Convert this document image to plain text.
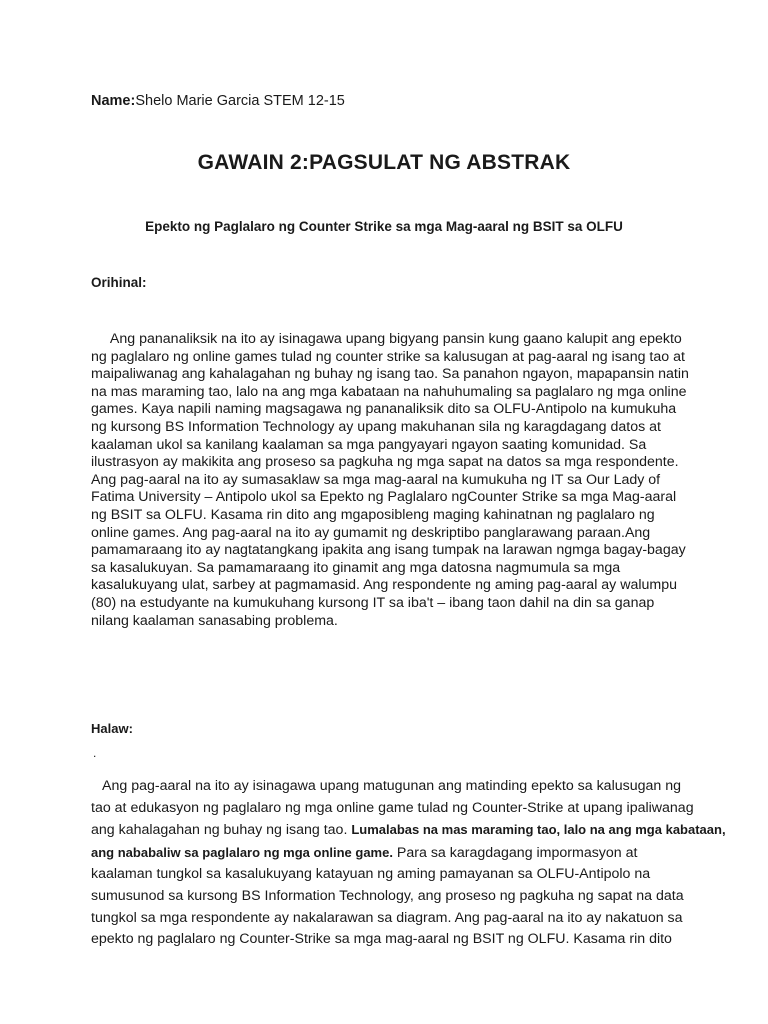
Name:Shelo Marie Garcia STEM 12-15
GAWAIN 2:PAGSULAT NG ABSTRAK
Epekto ng Paglalaro ng Counter Strike sa mga Mag-aaral ng BSIT sa OLFU
Orihinal:
Ang pananaliksik na ito ay isinagawa upang bigyang pansin kung gaano kalupit ang epekto
ng paglalaro ng online games tulad ng counter strike sa kalusugan at pag-aaral ng isang tao at
maipaliwanag ang kahalagahan ng buhay ng isang tao. Sa panahon ngayon, mapapansin natin
na mas maraming tao, lalo na ang mga kabataan na nahuhumaling sa paglalaro ng mga online
games. Kaya napili naming magsagawa ng pananaliksik dito sa OLFU-Antipolo na kumukuha
ng kursong BS Information Technology ay upang makuhanan sila ng karagdagang datos at
kaalaman ukol sa kanilang kaalaman sa mga pangyayari ngayon saating komunidad. Sa
ilustrasyon ay makikita ang proseso sa pagkuha ng mga sapat na datos sa mga respondente.
Ang pag-aaral na ito ay sumasaklaw sa mga mag-aaral na kumukuha ng IT sa Our Lady of
Fatima University – Antipolo ukol sa Epekto ng Paglalaro ngCounter Strike sa mga Mag-aaral
ng BSIT sa OLFU. Kasama rin dito ang mgaposibleng maging kahinatnan ng paglalaro ng
online games. Ang pag-aaral na ito ay gumamit ng deskriptibo panglarawang paraan.Ang
pamamaraang ito ay nagtatangkang ipakita ang isang tumpak na larawan ngmga bagay-bagay
sa kasalukuyan. Sa pamamaraang ito ginamit ang mga datosna nagmumula sa mga
kasalukuyang ulat, sarbey at pagmamasid. Ang respondente ng aming pag-aaral ay walumpu
(80) na estudyante na kumukuhang kursong IT sa iba't – ibang taon dahil na din sa ganap
nilang kaalaman sanasabing problema.
Halaw:
.
Ang pag-aaral na ito ay isinagawa upang matugunan ang matinding epekto sa kalusugan ng
tao at edukasyon ng paglalaro ng mga online game tulad ng Counter-Strike at upang ipaliwanag
ang kahalagahan ng buhay ng isang tao. Lumalabas na mas maraming tao, lalo na ang mga kabataan,
ang nababaliw sa paglalaro ng mga online game. Para sa karagdagang impormasyon at
kaalaman tungkol sa kasalukuyang katayuan ng aming pamayanan sa OLFU-Antipolo na
sumusunod sa kursong BS Information Technology, ang proseso ng pagkuha ng sapat na data
tungkol sa mga respondente ay nakalarawan sa diagram. Ang pag-aaral na ito ay nakatuon sa
epekto ng paglalaro ng Counter-Strike sa mga mag-aaral ng BSIT ng OLFU. Kasama rin dito
